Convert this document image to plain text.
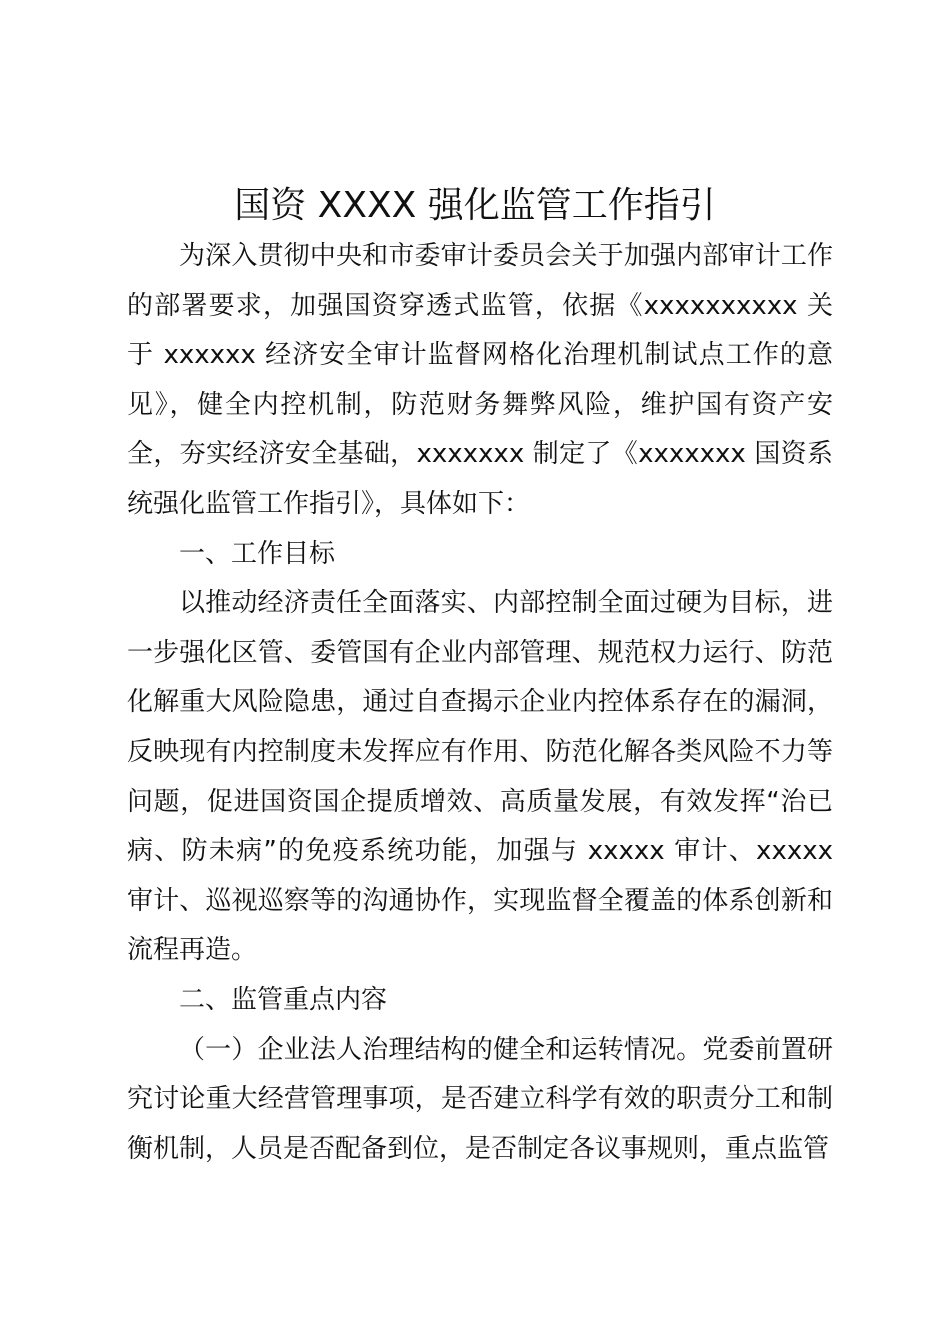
国资 XXXX 强化监管工作指引

为深入贯彻中央和市委审计委员会关于加强内部审计工作的部署要求，加强国资穿透式监管，依据《xxxxxxxxxx 关于 xxxxxx 经济安全审计监督网格化治理机制试点工作的意见》，健全内控机制，防范财务舞弊风险，维护国有资产安全，夯实经济安全基础，xxxxxxx 制定了《xxxxxxx 国资系统强化监管工作指引》，具体如下：

一、工作目标

以推动经济责任全面落实、内部控制全面过硬为目标，进一步强化区管、委管国有企业内部管理、规范权力运行、防范化解重大风险隐患，通过自查揭示企业内控体系存在的漏洞，反映现有内控制度未发挥应有作用、防范化解各类风险不力等问题，促进国资国企提质增效、高质量发展，有效发挥“治已病、防未病”的免疫系统功能，加强与 xxxxx 审计、xxxxx 审计、巡视巡察等的沟通协作，实现监督全覆盖的体系创新和流程再造。

二、监管重点内容

（一）企业法人治理结构的健全和运转情况。党委前置研究讨论重大经营管理事项，是否建立科学有效的职责分工和制衡机制，人员是否配备到位，是否制定各议事规则，重点监管
